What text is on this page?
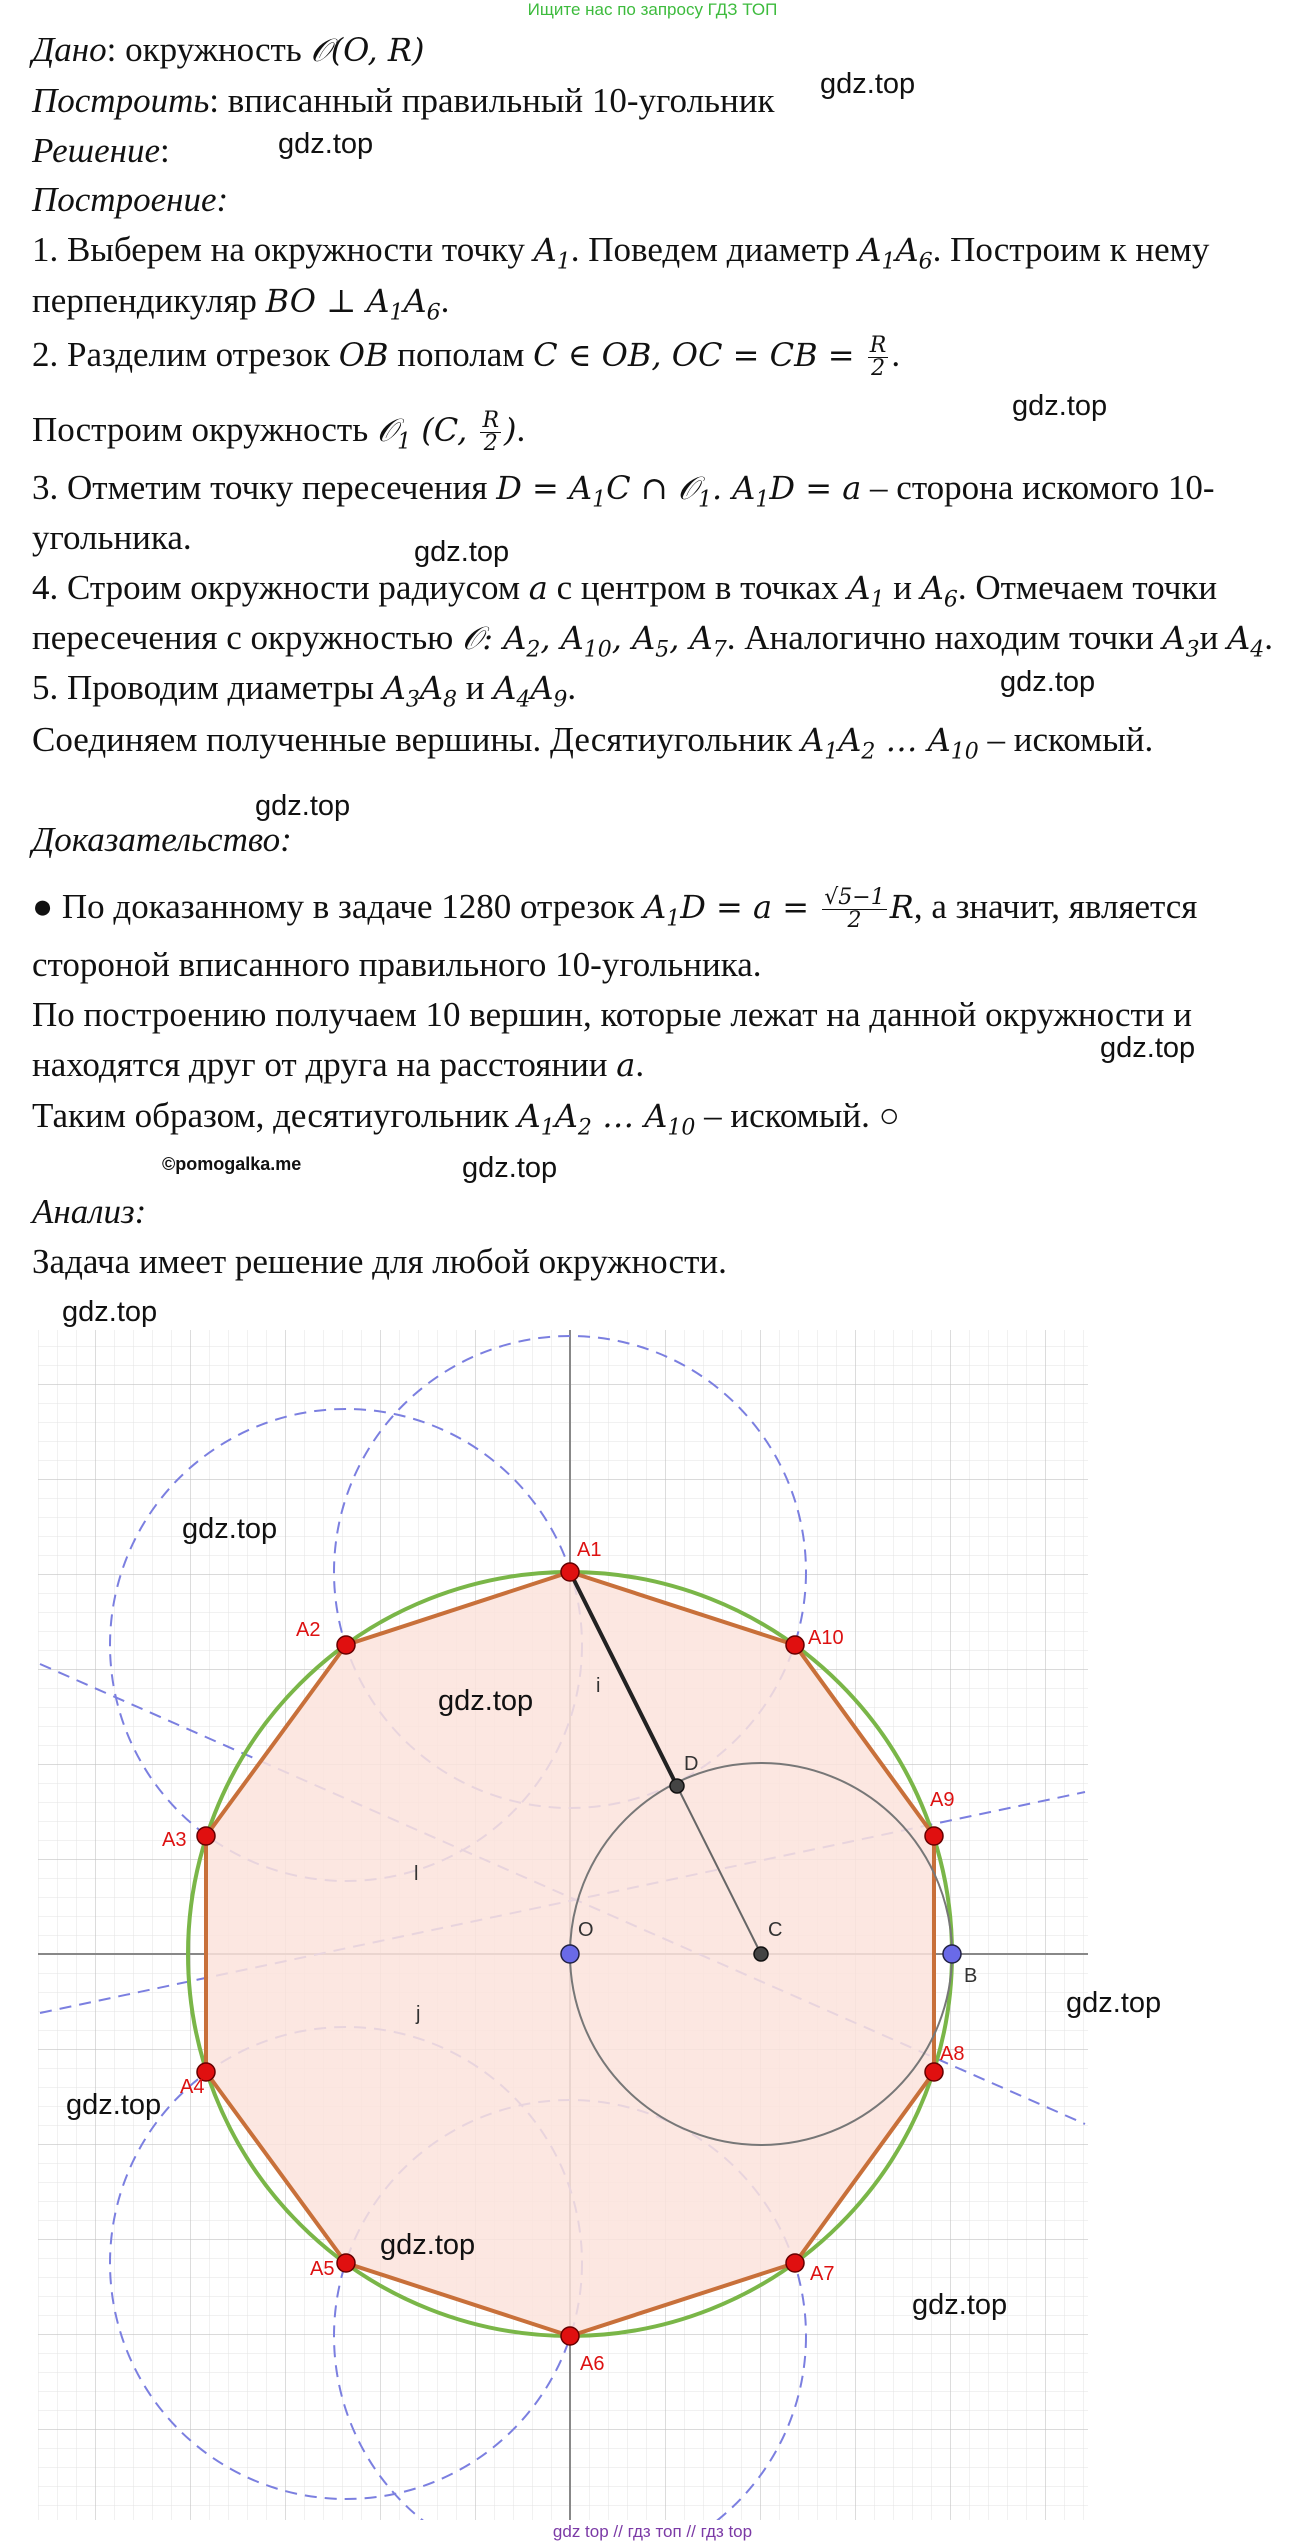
Ищите нас по запросу ГДЗ ТОП
Дано: окружность 𝒪(O, R)
Построить: вписанный правильный 10-угольник
Решение:
Построение:
1. Выберем на окружности точку $A_1$. Поведем диаметр $A_1A_6$. Построим к нему
перпендикуляр BO ⊥ $A_1A_6$.
2. Разделим отрезок OB пополам C ∈ OB, OC = CB = $\frac{R}{2}$ .
Построим окружность 𝒪$_1$ (C, $\frac{R}{2}$ ).
3. Отметим точку пересечения $D = A_1C$ ∩ 𝒪$_1$. $A_1D = a$ – сторона искомого 10-
угольника.
4. Строим окружности радиусом a с центром в точках $A_1$ и $A_6$. Отмечаем точки
пересечения с окружностью 𝒪: $A_2$, $A_{10}$, $A_5$, $A_7$. Аналогично находим точки $A_3и$ $A_4$.
5. Проводим диаметры $A_3A_8$ и $A_4A_9$.
Соединяем полученные вершины. Десятиугольник $A_1A_2$ … $A_{10}$ – искомый.
Доказательство:
● По доказанному в задаче 1280 отрезок $A_1D = a = \frac{√5-1}{2} R$, а значит, является
стороной вписанного правильного 10-угольника.
По построению получаем 10 вершин, которые лежат на данной окружности и
находятся друг от друга на расстоянии a.
Таким образом, десятиугольник $A_1A_2$ … $A_{10}$ – искомый. ○
©pomogalka.me
Анализ:
Задача имеет решение для любой окружности.
gdz.top
gdz.top
gdz.top
gdz.top
gdz.top
gdz.top
gdz.top
gdz.top
gdz.top
A1
A2
A3
A4
A5
A6
A7
A8
A9
A10
O
B
C
D
i
l
j
gdz.top
gdz.top
gdz.top
gdz.top
gdz.top
gdz.top
gdz top // гдз топ // гдз top
